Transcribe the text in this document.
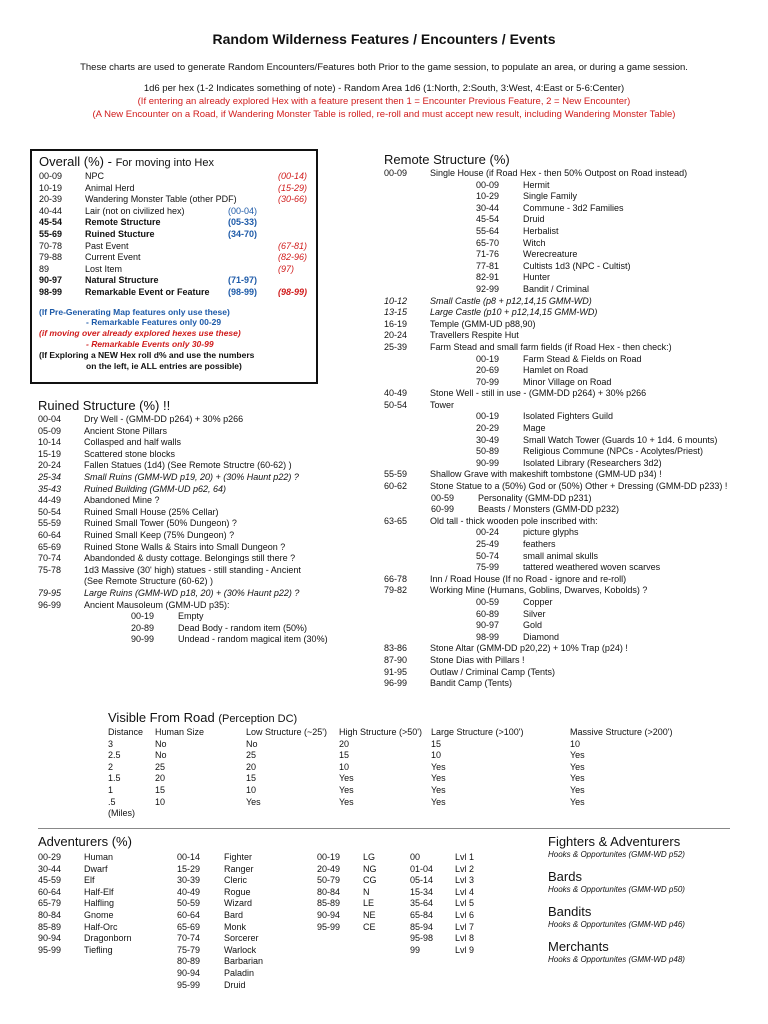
Random Wilderness Features / Encounters / Events
These charts are used to generate Random Encounters/Features both Prior to the game session, to populate an area, or during a game session.
1d6 per hex (1-2 Indicates something of note) - Random Area 1d6 (1:North, 2:South, 3:West, 4:East or 5-6:Center)
(If entering an already explored Hex with a feature present then 1 = Encounter Previous Feature, 2 = New Encounter)
(A New Encounter on a Road, if Wandering Monster Table is rolled, re-roll and must accept new result, including Wandering Monster Table)
Overall (%) - For moving into Hex
00-09	NPC	(00-14)
10-19	Animal Herd	(15-29)
20-39	Wandering Monster Table (other PDF)	(30-66)
40-44	Lair (not on civilized hex)	(00-04)
45-54	Remote Structure	(05-33)
55-69	Ruined Stucture	(34-70)
70-78	Past Event	(67-81)
79-88	Current Event	(82-96)
89	Lost Item	(97)
90-97	Natural Structure	(71-97)
98-99	Remarkable Event or Feature	(98-99)	(98-99)
(If Pre-Generating Map features only use these)
- Remarkable Features only 00-29
(if moving over already explored hexes use these)
- Remarkable Events only 30-99
(If Exploring a NEW Hex roll d% and use the numbers
on the left, ie ALL entries are possible)
Ruined Structure (%) !!
00-04	Dry Well - (GMM-DD p264) + 30% p266
05-09	Ancient Stone Pillars
10-14	Collasped and half walls
15-19	Scattered stone blocks
20-24	Fallen Statues (1d4) (See Remote Structre (60-62) )
25-34	Small Ruins (GMM-WD p19, 20) + (30% Haunt p22) ?
35-43	Ruined Building (GMM-UD p62, 64)
44-49	Abandoned Mine ?
50-54	Ruined Small House (25% Cellar)
55-59	Ruined Small Tower (50% Dungeon) ?
60-64	Ruined Small Keep (75% Dungeon) ?
65-69	Ruined Stone Walls & Stairs into Small Dungeon ?
70-74	Abandonded & dusty cottage. Belongings still there ?
75-78	1d3 Massive (30' high) statues - still standing - Ancient
(See Remote Structure (60-62) )
79-95	Large Ruins (GMM-WD p18, 20) + (30% Haunt p22) ?
96-99	Ancient Mausoleum (GMM-UD p35):
00-19	Empty
20-89	Dead Body - random item (50%)
90-99	Undead - random magical item (30%)
Remote Structure (%)
00-09	Single House (if Road Hex - then 50% Outpost on Road instead)
00-09	Hermit
10-29	Single Family
30-44	Commune - 3d2 Families
45-54	Druid
55-64	Herbalist
65-70	Witch
71-76	Werecreature
77-81	Cultists 1d3 (NPC - Cultist)
82-91	Hunter
92-99	Bandit / Criminal
10-12	Small Castle (p8 + p12,14,15 GMM-WD)
13-15	Large Castle (p10 + p12,14,15 GMM-WD)
16-19	Temple (GMM-UD p88,90)
20-24	Travellers Respite Hut
25-39	Farm Stead and small farm fields (if Road Hex - then check:)
00-19	Farm Stead & Fields on Road
20-69	Hamlet on Road
70-99	Minor Village on Road
40-49	Stone Well - still in use - (GMM-DD p264) + 30% p266
50-54	Tower
00-19	Isolated Fighters Guild
20-29	Mage
30-49	Small Watch Tower (Guards 10 + 1d4. 6 mounts)
50-89	Religious Commune (NPCs - Acolytes/Priest)
90-99	Isolated Library (Researchers 3d2)
55-59	Shallow Grave with makeshift tombstone (GMM-UD p34) !
60-62	Stone Statue to a (50%) God or (50%) Other + Dressing (GMM-DD p233) !
00-59	Personality (GMM-DD p231)
60-99	Beasts / Monsters (GMM-DD p232)
63-65	Old tall - thick wooden pole inscribed with:
00-24	picture glyphs
25-49	feathers
50-74	small animal skulls
75-99	tattered weathered woven scarves
66-78	Inn / Road House (If no Road - ignore and re-roll)
79-82	Working Mine (Humans, Goblins, Dwarves, Kobolds) ?
00-59	Copper
60-89	Silver
90-97	Gold
98-99	Diamond
83-86	Stone Altar (GMM-DD p20,22) + 10% Trap (p24) !
87-90	Stone Dias with Pillars !
91-95	Outlaw / Criminal Camp (Tents)
96-99	Bandit Camp (Tents)
Visible From Road (Perception DC)
Distance	Human Size	Low Structure (~25')	High Structure (>50')	Large Structure (>100')	Massive Structure (>200')
3	No	No	20	15	10
2.5	No	25	15	10	Yes
2	25	20	10	Yes	Yes
1.5	20	15	Yes	Yes	Yes
1	15	10	Yes	Yes	Yes
.5	10	Yes	Yes	Yes	Yes
(Miles)					
Adventurers (%)
00-29	Human
30-44	Dwarf
45-59	Elf
60-64	Half-Elf
65-79	Halfling
80-84	Gnome
85-89	Half-Orc
90-94	Dragonborn
95-99	Tiefling
00-14	Fighter
15-29	Ranger
30-39	Cleric
40-49	Rogue
50-59	Wizard
60-64	Bard
65-69	Monk
70-74	Sorcerer
75-79	Warlock
80-89	Barbarian
90-94	Paladin
95-99	Druid
00-19	LG
20-49	NG
50-79	CG
80-84	N
85-89	LE
90-94	NE
95-99	CE
00	Lvl 1
01-04	Lvl 2
05-14	Lvl 3
15-34	Lvl 4
35-64	Lvl 5
65-84	Lvl 6
85-94	Lvl 7
95-98	Lvl 8
99	Lvl 9
Fighters & Adventurers
Hooks & Opportunites (GMM-WD p52)
Bards
Hooks & Opportunites (GMM-WD p50)
Bandits
Hooks & Opportunites (GMM-WD p46)
Merchants
Hooks & Opportunites (GMM-WD p48)
